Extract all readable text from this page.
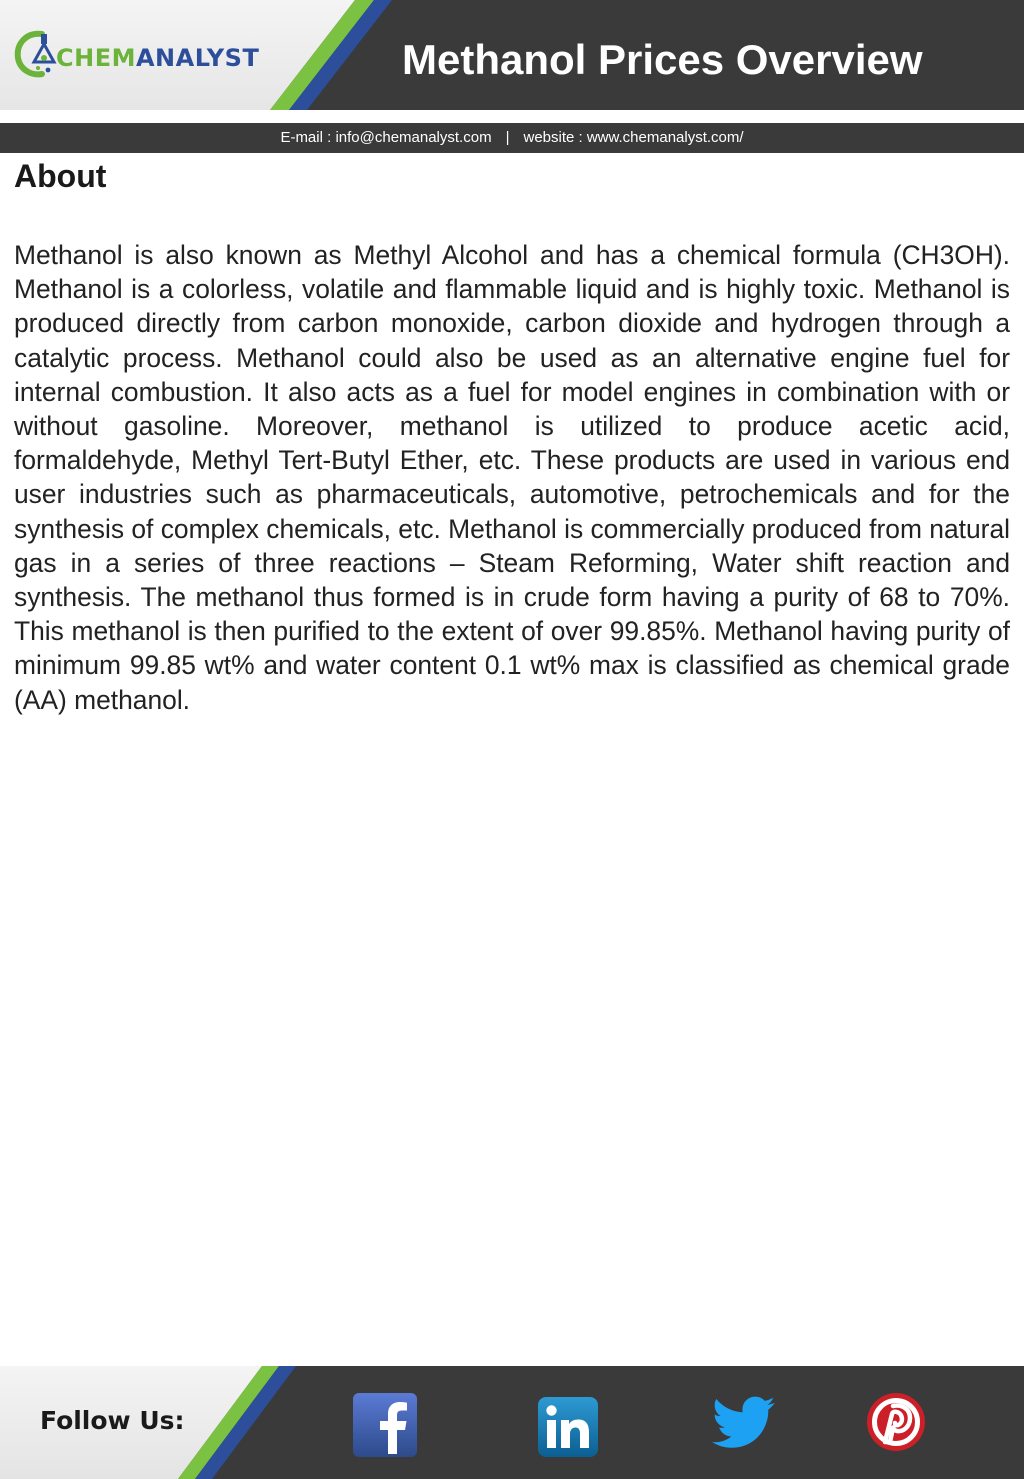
CHEMANALYST	Methanol Prices Overview
E-mail : info@chemanalyst.com | website : www.chemanalyst.com/
About

Methanol is also known as Methyl Alcohol and has a chemical formula (CH3OH). Methanol is a colorless, volatile and flammable liquid and is highly toxic. Methanol is produced directly from carbon monoxide, carbon dioxide and hydrogen through a catalytic process. Methanol could also be used as an alternative engine fuel for internal combustion. It also acts as a fuel for model engines in combination with or without gasoline. Moreover, methanol is utilized to produce acetic acid, formaldehyde, Methyl Tert-Butyl Ether, etc. These products are used in various end user industries such as pharmaceuticals, automotive, petrochemicals and for the synthesis of complex chemicals, etc. Methanol is commercially produced from natural gas in a series of three reactions – Steam Reforming, Water shift reaction and synthesis. The methanol thus formed is in crude form having a purity of 68 to 70%. This methanol is then purified to the extent of over 99.85%. Methanol having purity of minimum 99.85 wt% and water content 0.1 wt% max is classified as chemical grade (AA) methanol.

Follow Us:
